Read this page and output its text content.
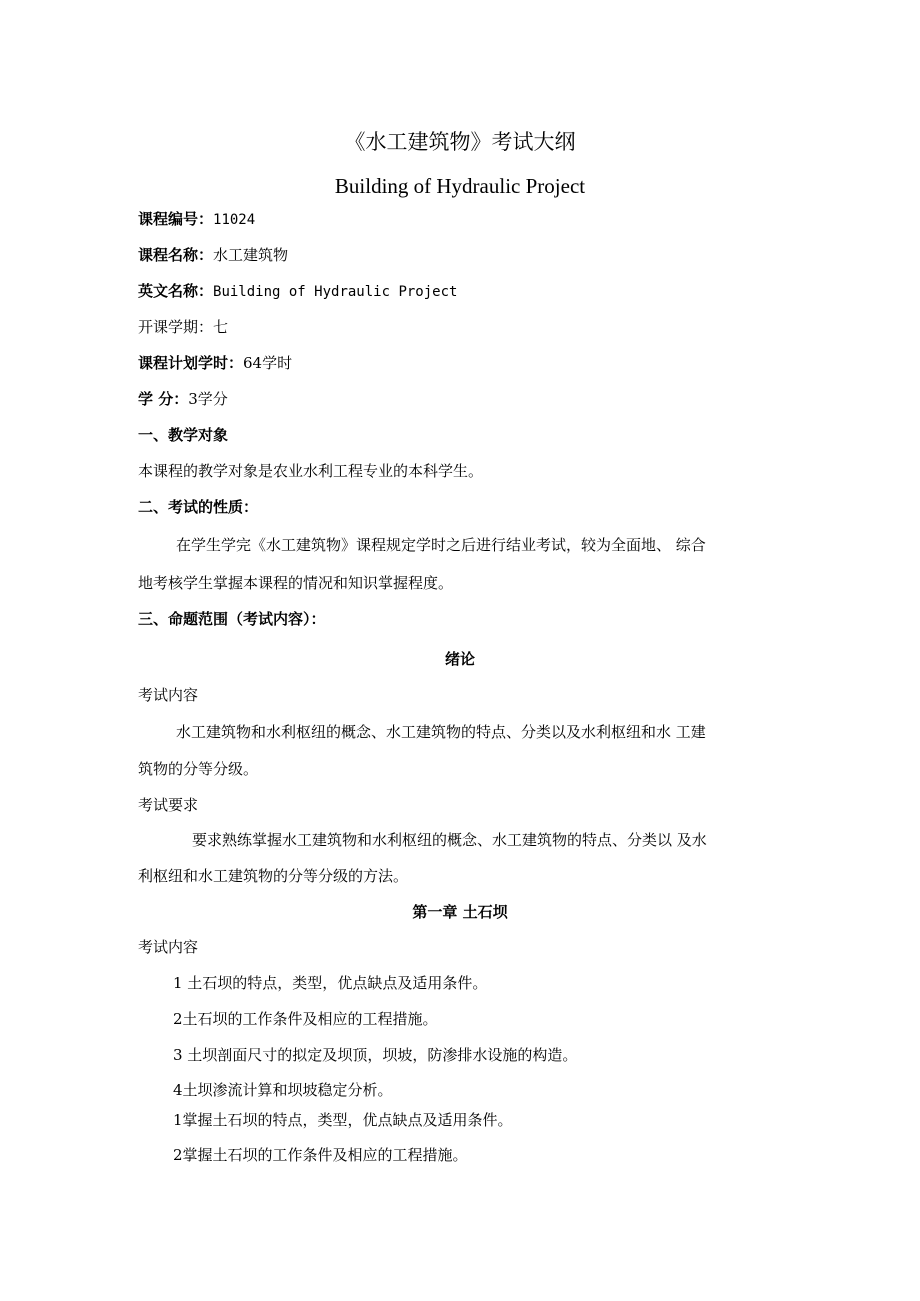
《水工建筑物》考试大纲
Building of Hydraulic Project
课程编号：11024
课程名称：水工建筑物
英文名称：Building of Hydraulic Project
开课学期：七
课程计划学时：64学时
学 分：3学分
一、教学对象
本课程的教学对象是农业水利工程专业的本科学生。
二、考试的性质：
在学生学完《水工建筑物》课程规定学时之后进行结业考试，较为全面地、 综合
地考核学生掌握本课程的情况和知识掌握程度。
三、命题范围（考试内容）：
绪论
考试内容
水工建筑物和水利枢纽的概念、水工建筑物的特点、分类以及水利枢纽和水 工建
筑物的分等分级。
考试要求
要求熟练掌握水工建筑物和水利枢纽的概念、水工建筑物的特点、分类以 及水
利枢纽和水工建筑物的分等分级的方法。
第一章 土石坝
考试内容
1 土石坝的特点，类型，优点缺点及适用条件。
2土石坝的工作条件及相应的工程措施。
3 土坝剖面尺寸的拟定及坝顶，坝坡，防渗排水设施的构造。
4土坝渗流计算和坝坡稳定分析。
1掌握土石坝的特点，类型，优点缺点及适用条件。
2掌握土石坝的工作条件及相应的工程措施。
